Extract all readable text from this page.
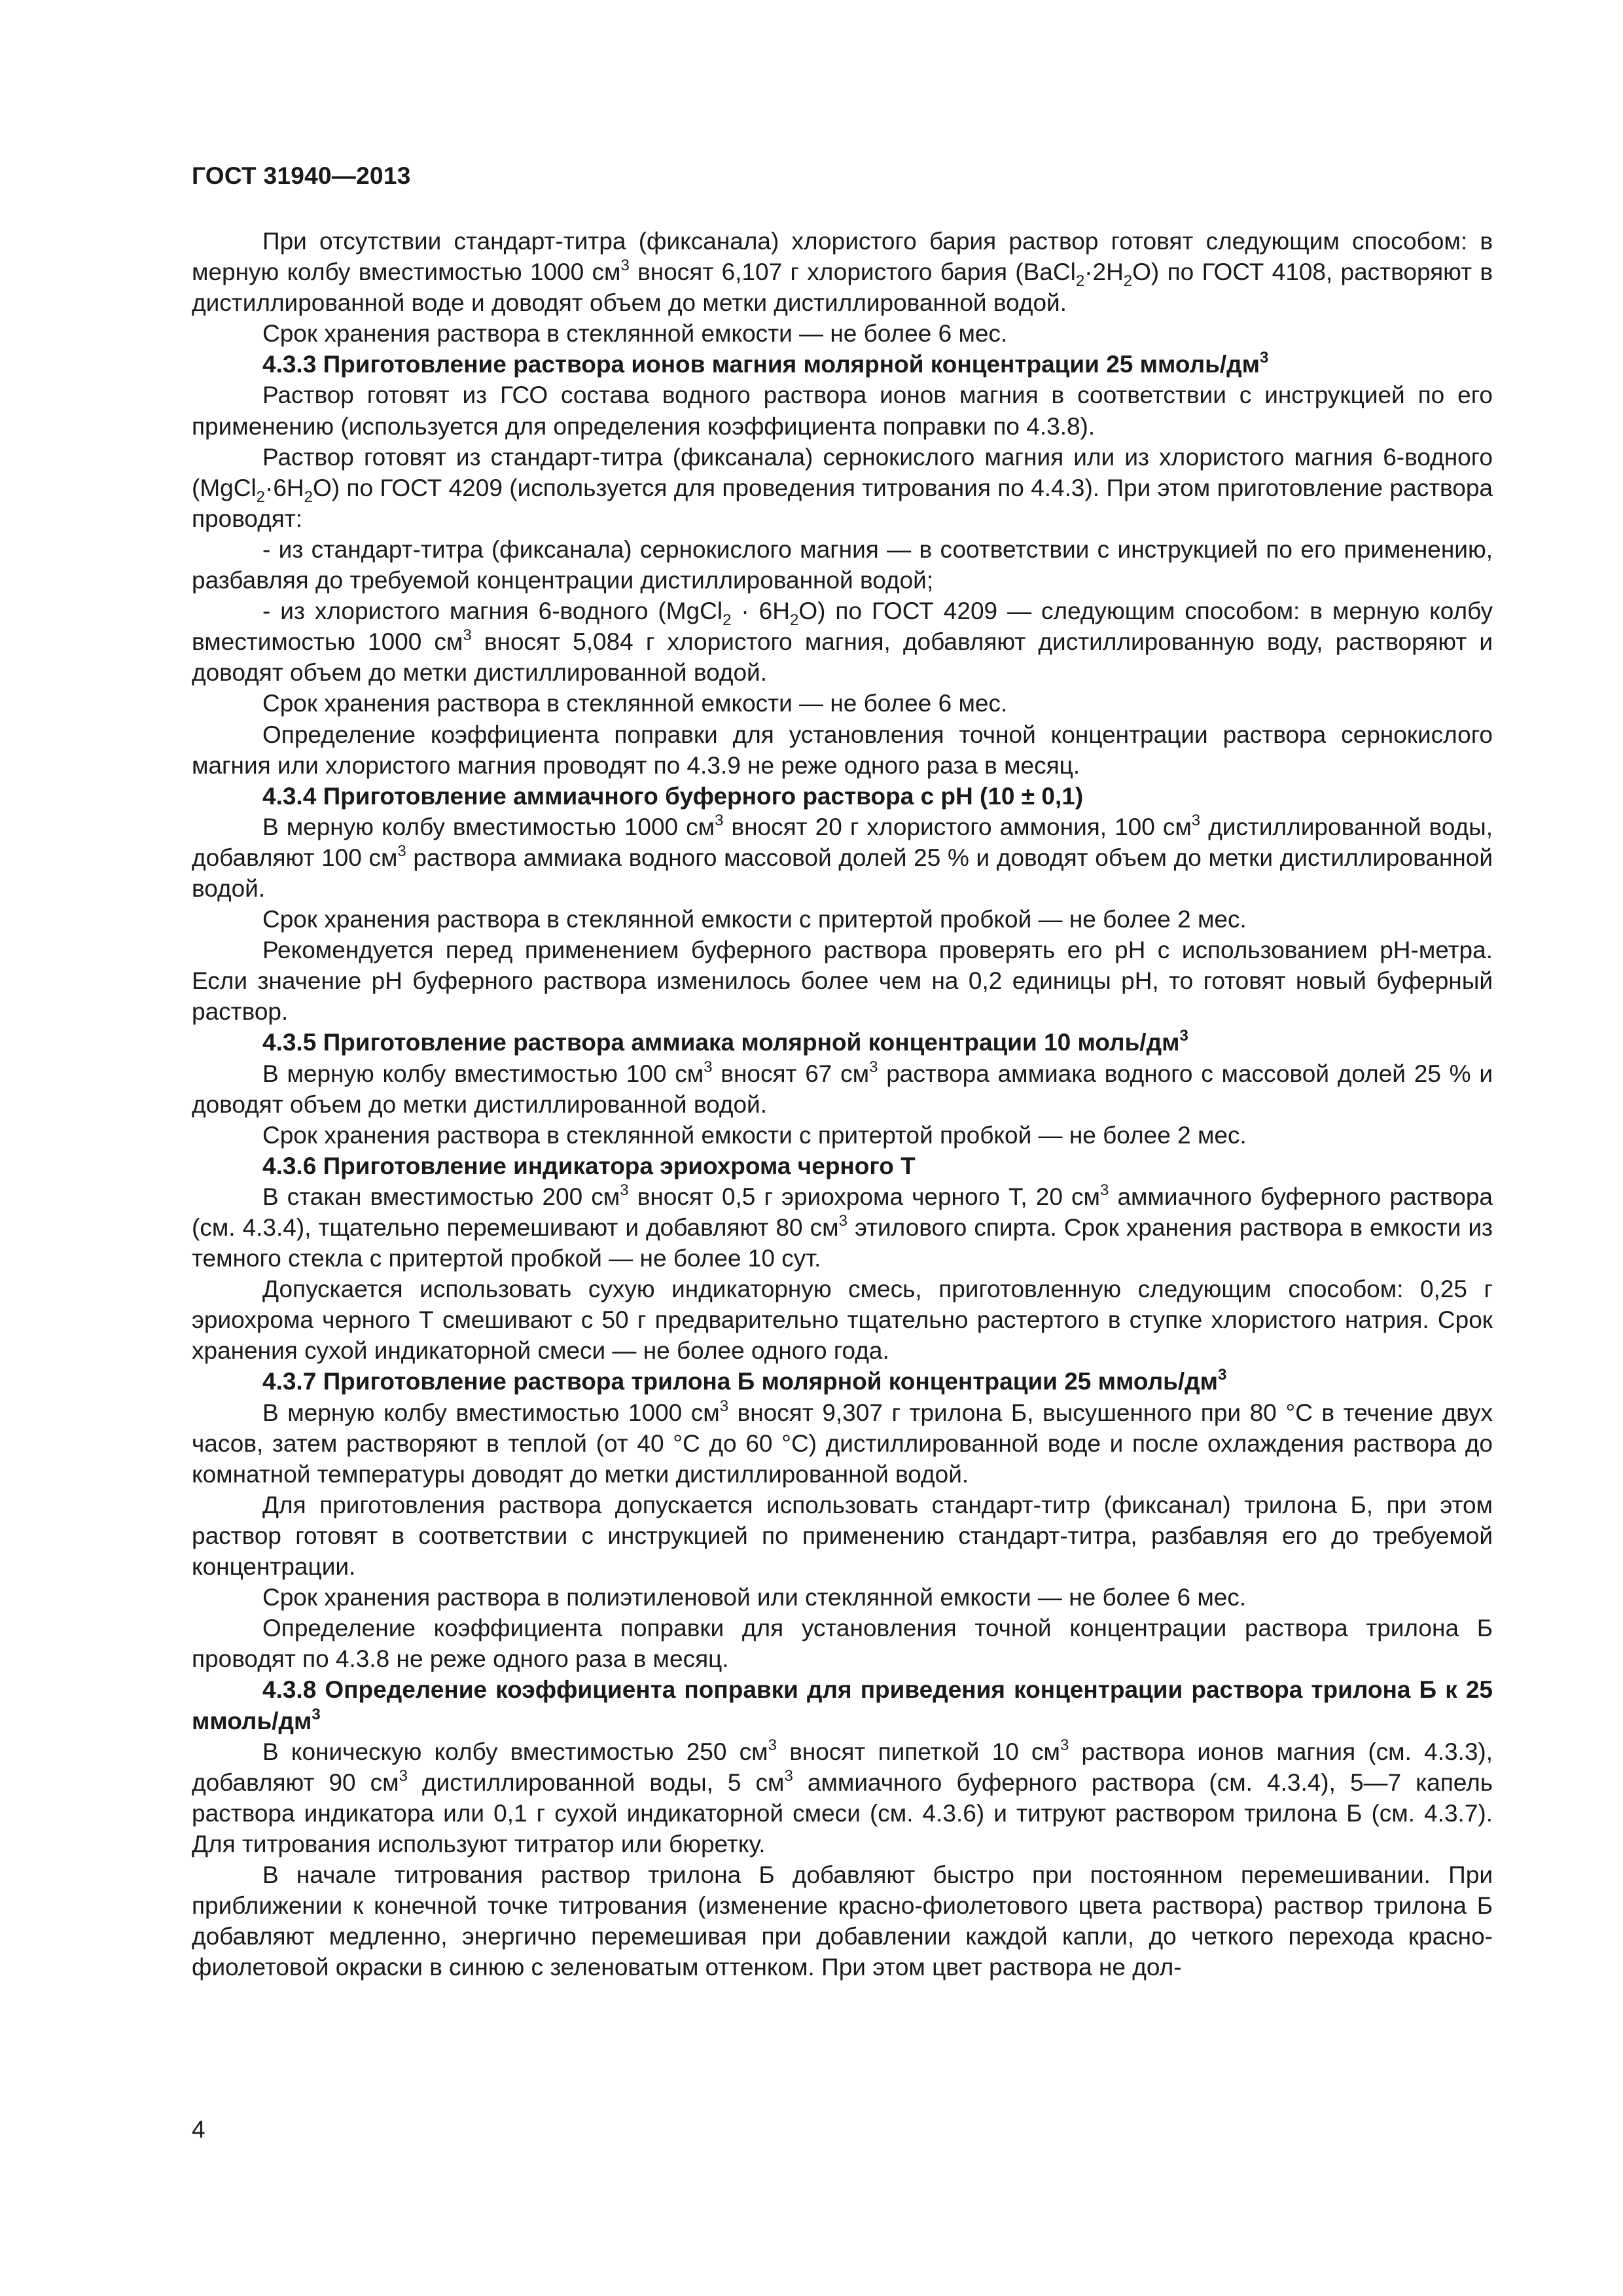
ГОСТ 31940—2013

При отсутствии стандарт-титра (фиксанала) хлористого бария раствор готовят следующим способом: в мерную колбу вместимостью 1000 $см^3$ вносят 6,107 г хлористого бария $(BaCl_2\cdot 2H_2O)$ по ГОСТ 4108, растворяют в дистиллированной воде и доводят объем до метки дистиллированной водой.

Срок хранения раствора в стеклянной емкости — не более 6 мес.

4.3.3 Приготовление раствора ионов магния молярной концентрации 25 ммоль/$дм^3$

Раствор готовят из ГСО состава водного раствора ионов магния в соответствии с инструкцией по его применению (используется для определения коэффициента поправки по 4.3.8).

Раствор готовят из стандарт-титра (фиксанала) сернокислого магния или из хлористого магния 6-водного $(MgCl_2\cdot 6H_2O)$ по ГОСТ 4209 (используется для проведения титрования по 4.4.3). При этом приготовление раствора проводят:

- из стандарт-титра (фиксанала) сернокислого магния — в соответствии с инструкцией по его применению, разбавляя до требуемой концентрации дистиллированной водой;

- из хлористого магния 6-водного (MgCl$_2$ · $6H_2O$) по ГОСТ 4209 — следующим способом: в мерную колбу вместимостью 1000 $см^3$ вносят 5,084 г хлористого магния, добавляют дистиллированную воду, растворяют и доводят объем до метки дистиллированной водой.

Срок хранения раствора в стеклянной емкости — не более 6 мес.

Определение коэффициента поправки для установления точной концентрации раствора сернокислого магния или хлористого магния проводят по 4.3.9 не реже одного раза в месяц.

4.3.4 Приготовление аммиачного буферного раствора с pH (10 ± 0,1)

В мерную колбу вместимостью 1000 $см^3$ вносят 20 г хлористого аммония, 100 $см^3$ дистиллированной воды, добавляют 100 $см^3$ раствора аммиака водного массовой долей 25 % и доводят объем до метки дистиллированной водой.

Срок хранения раствора в стеклянной емкости с притертой пробкой — не более 2 мес.

Рекомендуется перед применением буферного раствора проверять его pH с использованием pH-метра. Если значение pH буферного раствора изменилось более чем на 0,2 единицы pH, то готовят новый буферный раствор.

4.3.5 Приготовление раствора аммиака молярной концентрации 10 моль/$дм^3$

В мерную колбу вместимостью 100 $см^3$ вносят 67 $см^3$ раствора аммиака водного с массовой долей 25 % и доводят объем до метки дистиллированной водой.

Срок хранения раствора в стеклянной емкости с притертой пробкой — не более 2 мес.

4.3.6 Приготовление индикатора эриохрома черного Т

В стакан вместимостью 200 $см^3$ вносят 0,5 г эриохрома черного Т, 20 $см^3$ аммиачного буферного раствора (см. 4.3.4), тщательно перемешивают и добавляют 80 $см^3$ этилового спирта. Срок хранения раствора в емкости из темного стекла с притертой пробкой — не более 10 сут.

Допускается использовать сухую индикаторную смесь, приготовленную следующим способом: 0,25 г эриохрома черного Т смешивают с 50 г предварительно тщательно растертого в ступке хлористого натрия. Срок хранения сухой индикаторной смеси — не более одного года.

4.3.7 Приготовление раствора трилона Б молярной концентрации 25 ммоль/$дм^3$

В мерную колбу вместимостью 1000 $см^3$ вносят 9,307 г трилона Б, высушенного при 80 °С в течение двух часов, затем растворяют в теплой (от 40 °С до 60 °С) дистиллированной воде и после охлаждения раствора до комнатной температуры доводят до метки дистиллированной водой.

Для приготовления раствора допускается использовать стандарт-титр (фиксанал) трилона Б, при этом раствор готовят в соответствии с инструкцией по применению стандарт-титра, разбавляя его до требуемой концентрации.

Срок хранения раствора в полиэтиленовой или стеклянной емкости — не более 6 мес.

Определение коэффициента поправки для установления точной концентрации раствора трилона Б проводят по 4.3.8 не реже одного раза в месяц.

4.3.8 Определение коэффициента поправки для приведения концентрации раствора трилона Б к 25 ммоль/$дм^3$

В коническую колбу вместимостью 250 $см^3$ вносят пипеткой 10 $см^3$ раствора ионов магния (см. 4.3.3), добавляют 90 $см^3$ дистиллированной воды, 5 $см^3$ аммиачного буферного раствора (см. 4.3.4), 5—7 капель раствора индикатора или 0,1 г сухой индикаторной смеси (см. 4.3.6) и титруют раствором трилона Б (см. 4.3.7). Для титрования используют титратор или бюретку.

В начале титрования раствор трилона Б добавляют быстро при постоянном перемешивании. При приближении к конечной точке титрования (изменение красно-фиолетового цвета раствора) раствор трилона Б добавляют медленно, энергично перемешивая при добавлении каждой капли, до четкого перехода красно-фиолетовой окраски в синюю с зеленоватым оттенком. При этом цвет раствора не дол-

4
